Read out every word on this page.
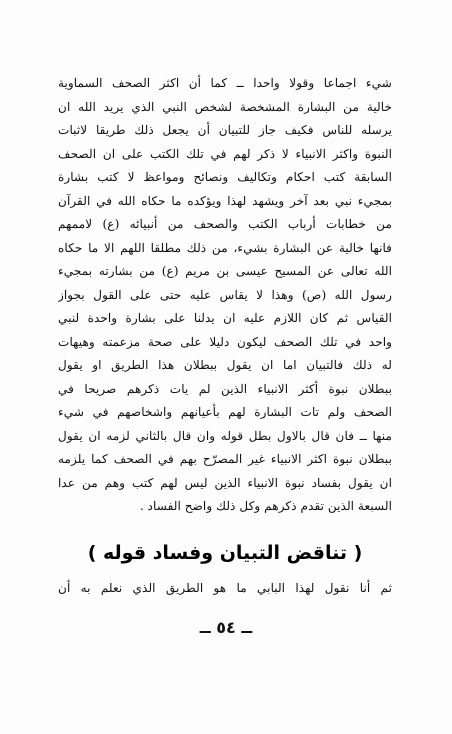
شيء اجماعا وقولا واحدا ــ كما أن اكثر الصحف السماوية
خالية من البشارة المشخصة لشخص النبي الذي يريد الله ان
يرسله للناس فكيف جاز للتبيان أن يجعل ذلك طريقا لاثبات
النبوة واكثر الانبياء لا ذكر لهم في تلك الكتب على ان الصحف
السابقة كتب احكام وتكاليف ونصائح ومواعظ لا كتب بشارة
بمجيء نبي بعد آخر ويشهد لهذا ويؤكده ما حكاه الله في القرآن
من خطابات أرباب الكتب والصحف من أنبيائه (ع) لاممهم
فانها خالية عن البشارة بشيء، من ذلك مطلقا اللهم الا ما حكاه
الله تعالى عن المسيح عيسى بن مريم (ع) من بشارته بمجيء
رسول الله (ص) وهذا لا يقاس عليه حتى على القول بجواز
القياس ثم كان اللازم عليه ان يدلنا على بشارة واحدة لنبي
واحد في تلك الصحف ليكون دليلا على صحة مزعمته وهيهات
له ذلك فالتبيان اما ان يقول ببطلان هذا الطريق او يقول
ببطلان نبوة أكثر الانبياء الذين لم يات ذكرهم صريحا في
الصحف ولم تات البشارة لهم بأعيانهم واشخاصهم في شيء
منها ــ فان قال بالاول بطل قوله وان قال بالثاني لزمه ان يقول
ببطلان نبوة اكثر الانبياء غير المصرّح بهم في الصحف كما يلزمه
ان يقول بفساد نبوة الانبياء الذين ليس لهم كتب وهم من عدا
السبعة الذين تقدم ذكرهم وكل ذلك واضح الفساد .
( تناقض التبيان وفساد قوله )
ثم أنا نقول لهذا البابي ما هو الطريق الذي نعلم به أن
ــ ٥٤ ــ
